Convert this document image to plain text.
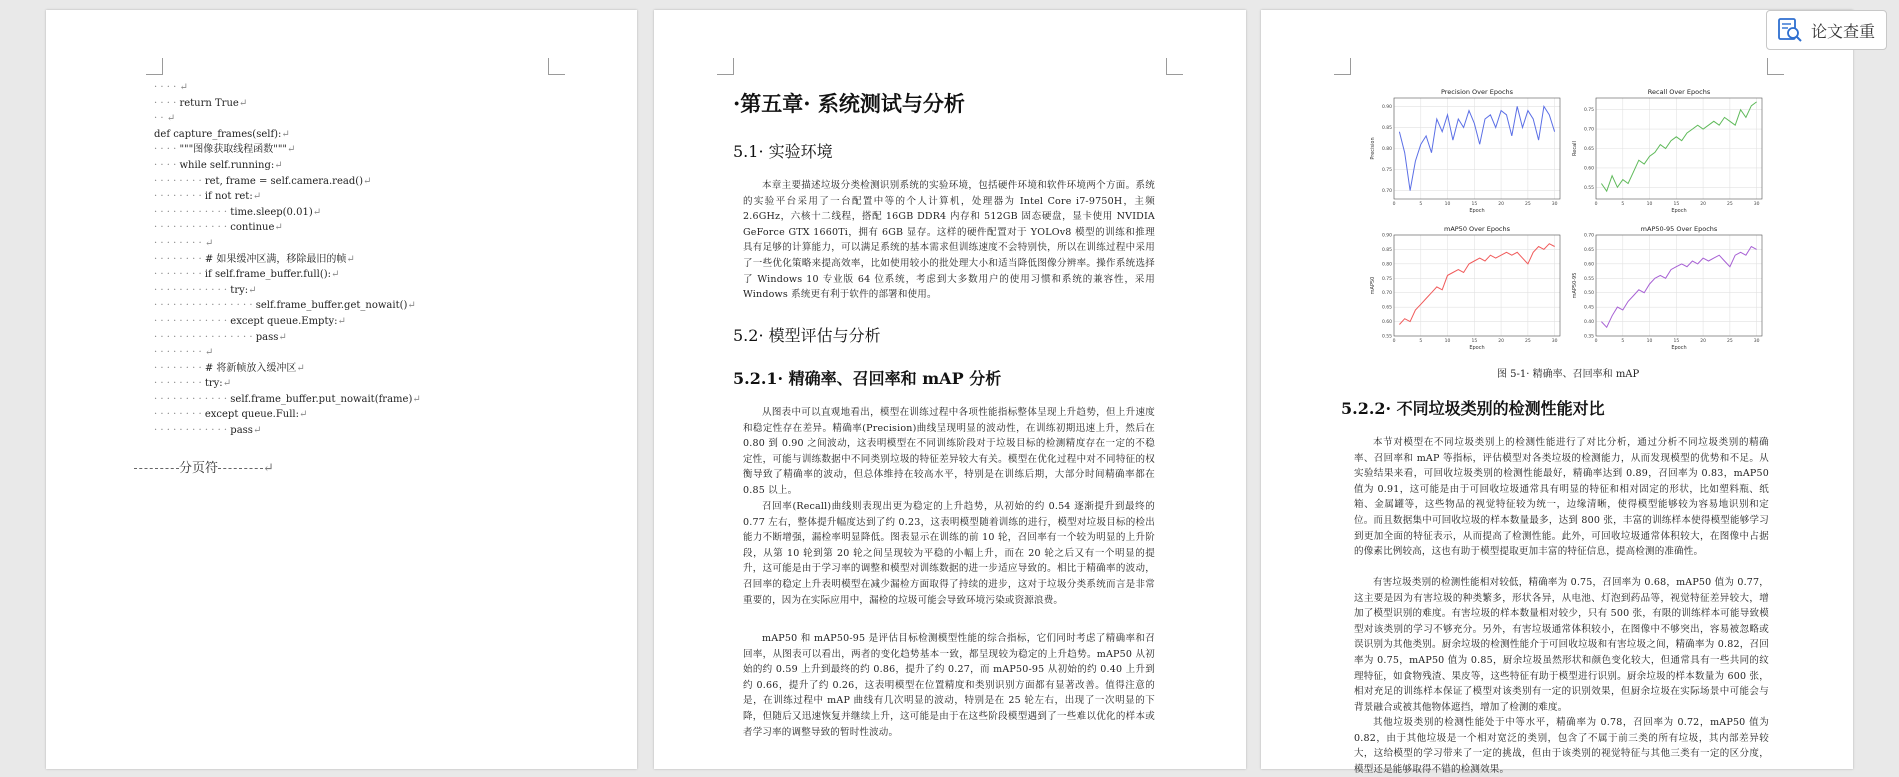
· · · · ↵
· · · · return True↵
· · ↵
def capture_frames(self):↵
· · · · """图像获取线程函数"""↵
· · · · while self.running:↵
· · · · · · · · ret, frame = self.camera.read()↵
· · · · · · · · if not ret:↵
· · · · · · · · · · · · time.sleep(0.01)↵
· · · · · · · · · · · · continue↵
· · · · · · · · ↵
· · · · · · · · # 如果缓冲区满，移除最旧的帧↵
· · · · · · · · if self.frame_buffer.full():↵
· · · · · · · · · · · · try:↵
· · · · · · · · · · · · · · · · self.frame_buffer.get_nowait()↵
· · · · · · · · · · · · except queue.Empty:↵
· · · · · · · · · · · · · · · · pass↵
· · · · · · · · ↵
· · · · · · · · # 将新帧放入缓冲区↵
· · · · · · · · try:↵
· · · · · · · · · · · · self.frame_buffer.put_nowait(frame)↵
· · · · · · · · except queue.Full:↵
· · · · · · · · · · · · pass↵
分页符	↵
·第五章· 系统测试与分析
5.1· 实验环境

本章主要描述垃圾分类检测识别系统的实验环境，包括硬件环境和软件环境两个方面。系统的实验平台采用了一台配置中等的个人计算机，处理器为 Intel Core i7-9750H，主频 2.6GHz，六核十二线程，搭配 16GB DDR4 内存和 512GB 固态硬盘，显卡使用 NVIDIA GeForce GTX 1660Ti，拥有 6GB 显存。这样的硬件配置对于 YOLOv8 模型的训练和推理具有足够的计算能力，可以满足系统的基本需求但训练速度不会特别快，所以在训练过程中采用了一些优化策略来提高效率，比如使用较小的批处理大小和适当降低图像分辨率。操作系统选择了 Windows 10 专业版 64 位系统，考虑到大多数用户的使用习惯和系统的兼容性，采用 Windows 系统更有利于软件的部署和使用。

5.2· 模型评估与分析
5.2.1· 精确率、召回率和 mAP 分析

从图表中可以直观地看出，模型在训练过程中各项性能指标整体呈现上升趋势，但上升速度和稳定性存在差异。精确率(Precision)曲线呈现明显的波动性，在训练初期迅速上升，然后在 0.80 到 0.90 之间波动，这表明模型在不同训练阶段对于垃圾目标的检测精度存在一定的不稳定性，可能与训练数据中不同类别垃圾的特征差异较大有关。模型在优化过程中对不同特征的权衡导致了精确率的波动，但总体维持在较高水平，特别是在训练后期，大部分时间精确率都在 0.85 以上。

召回率(Recall)曲线则表现出更为稳定的上升趋势，从初始的约 0.54 逐渐提升到最终的 0.77 左右，整体提升幅度达到了约 0.23，这表明模型随着训练的进行，模型对垃圾目标的检出能力不断增强，漏检率明显降低。图表显示在训练的前 10 轮，召回率有一个较为明显的上升阶段，从第 10 轮到第 20 轮之间呈现较为平稳的小幅上升，而在 20 轮之后又有一个明显的提升，这可能是由于学习率的调整和模型对训练数据的进一步适应导致的。相比于精确率的波动，召回率的稳定上升表明模型在减少漏检方面取得了持续的进步，这对于垃圾分类系统而言是非常重要的，因为在实际应用中，漏检的垃圾可能会导致环境污染或资源浪费。

mAP50 和 mAP50-95 是评估目标检测模型性能的综合指标，它们同时考虑了精确率和召回率，从图表可以看出，两者的变化趋势基本一致，都呈现较为稳定的上升趋势。mAP50 从初始的约 0.59 上升到最终的约 0.86，提升了约 0.27，而 mAP50-95 从初始的约 0.40 上升到约 0.66，提升了约 0.26，这表明模型在位置精度和类别识别方面都有显著改善。值得注意的是，在训练过程中 mAP 曲线有几次明显的波动，特别是在 25 轮左右，出现了一次明显的下降，但随后又迅速恢复并继续上升，这可能是由于在这些阶段模型遇到了一些难以优化的样本或者学习率的调整导致的暂时性波动。

Precision Over Epochs
0.70
0.75
0.80
0.85
0.90
0	5	10	15	20	25	30
Epoch
Precision
Recall Over Epochs
0.55
0.60
0.65
0.70
0.75
0	5	10	15	20	25	30
Epoch
Recall
mAP50 Over Epochs
0.55
0.60
0.65
0.70
0.75
0.80
0.85
0.90
0	5	10	15	20	25	30
Epoch
mAP50
mAP50-95 Over Epochs
0.35
0.40
0.45
0.50
0.55
0.60
0.65
0.70
0	5	10	15	20	25	30
Epoch
mAP50-95
图 5-1· 精确率、召回率和 mAP
5.2.2· 不同垃圾类别的检测性能对比

本节对模型在不同垃圾类别上的检测性能进行了对比分析，通过分析不同垃圾类别的精确率、召回率和 mAP 等指标，评估模型对各类垃圾的检测能力，从而发现模型的优势和不足。从实验结果来看，可回收垃圾类别的检测性能最好，精确率达到 0.89，召回率为 0.83，mAP50 值为 0.91，这可能是由于可回收垃圾通常具有明显的特征和相对固定的形状，比如塑料瓶、纸箱、金属罐等，这些物品的视觉特征较为统一，边缘清晰，使得模型能够较为容易地识别和定位。而且数据集中可回收垃圾的样本数量最多，达到 800 张，丰富的训练样本使得模型能够学习到更加全面的特征表示，从而提高了检测性能。此外，可回收垃圾通常体积较大，在图像中占据的像素比例较高，这也有助于模型提取更加丰富的特征信息，提高检测的准确性。

有害垃圾类别的检测性能相对较低，精确率为 0.75，召回率为 0.68，mAP50 值为 0.77，这主要是因为有害垃圾的种类繁多，形状各异，从电池、灯泡到药品等，视觉特征差异较大，增加了模型识别的难度。有害垃圾的样本数量相对较少，只有 500 张，有限的训练样本可能导致模型对该类别的学习不够充分。另外，有害垃圾通常体积较小，在图像中不够突出，容易被忽略或误识别为其他类别。厨余垃圾的检测性能介于可回收垃圾和有害垃圾之间，精确率为 0.82，召回率为 0.75，mAP50 值为 0.85，厨余垃圾虽然形状和颜色变化较大，但通常具有一些共同的纹理特征，如食物残渣、果皮等，这些特征有助于模型进行识别。厨余垃圾的样本数量为 600 张，相对充足的训练样本保证了模型对该类别有一定的识别效果，但厨余垃圾在实际场景中可能会与背景融合或被其他物体遮挡，增加了检测的难度。

其他垃圾类别的检测性能处于中等水平，精确率为 0.78，召回率为 0.72，mAP50 值为 0.82，由于其他垃圾是一个相对宽泛的类别，包含了不属于前三类的所有垃圾，其内部差异较大，这给模型的学习带来了一定的挑战，但由于该类别的视觉特征与其他三类有一定的区分度，模型还是能够取得不错的检测效果。

论文查重
